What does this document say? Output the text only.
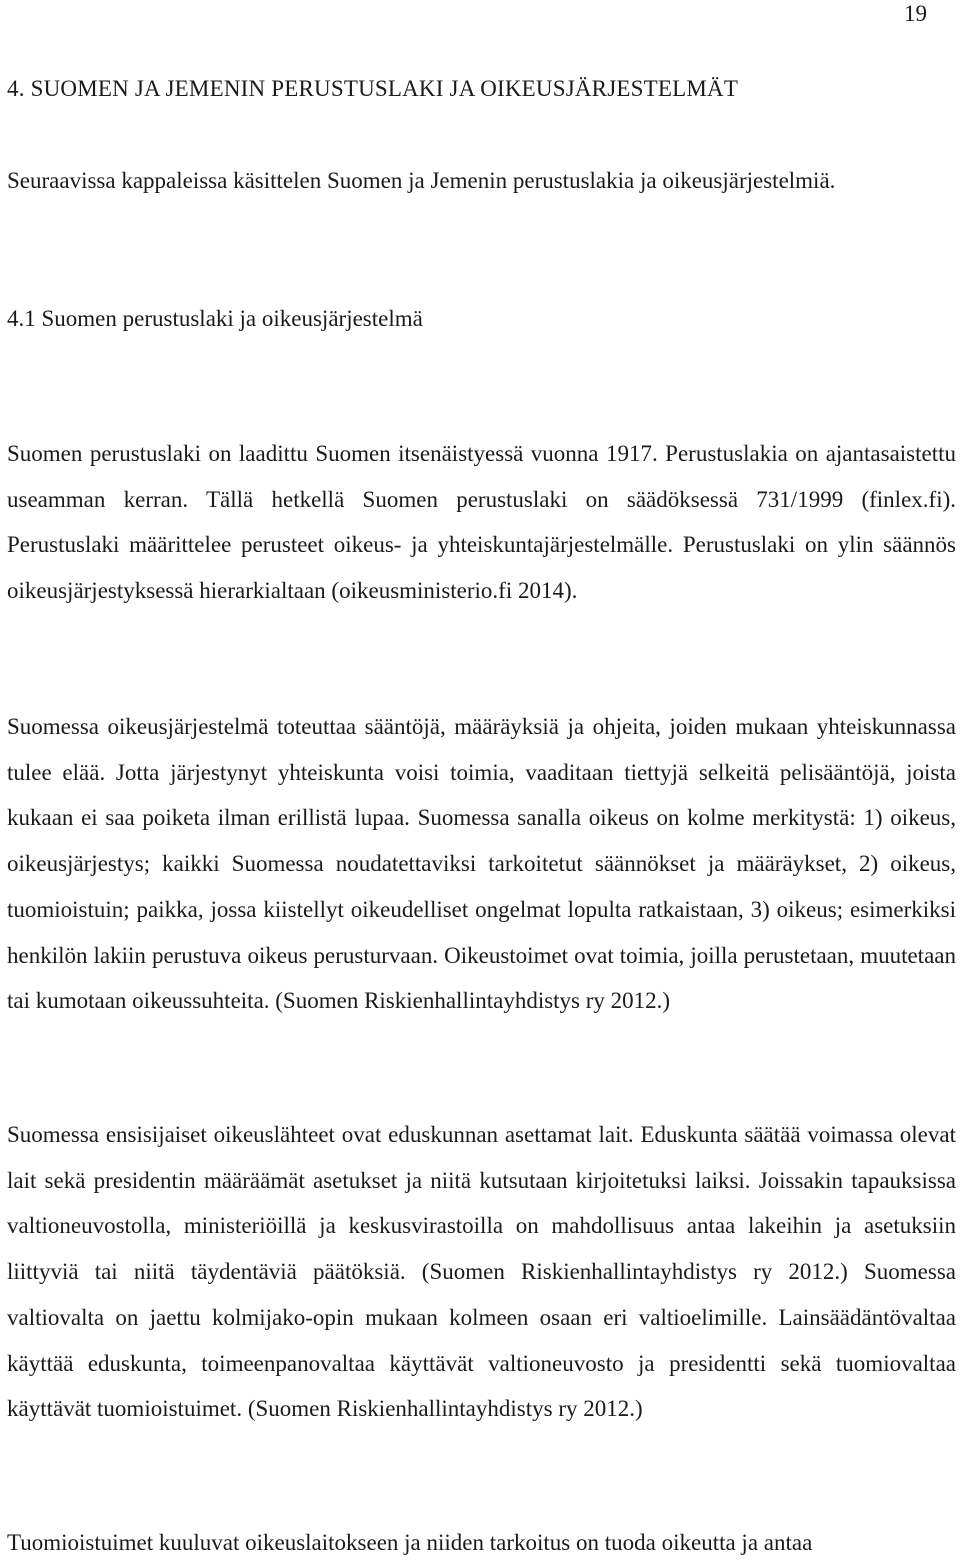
19
4. SUOMEN JA JEMENIN PERUSTUSLAKI JA OIKEUSJÄRJESTELMÄT

Seuraavissa kappaleissa käsittelen Suomen ja Jemenin perustuslakia ja oikeusjärjestelmiä.

4.1 Suomen perustuslaki ja oikeusjärjestelmä

Suomen perustuslaki on laadittu Suomen itsenäistyessä vuonna 1917. Perustuslakia on ajantasaistettu useamman kerran. Tällä hetkellä Suomen perustuslaki on säädöksessä 731/1999 (finlex.fi). Perustuslaki määrittelee perusteet oikeus- ja yhteiskuntajärjestelmälle. Perustuslaki on ylin säännös oikeusjärjestyksessä hierarkialtaan (oikeusministerio.fi 2014).

Suomessa oikeusjärjestelmä toteuttaa sääntöjä, määräyksiä ja ohjeita, joiden mukaan yhteiskunnassa tulee elää. Jotta järjestynyt yhteiskunta voisi toimia, vaaditaan tiettyjä selkeitä pelisääntöjä, joista kukaan ei saa poiketa ilman erillistä lupaa. Suomessa sanalla oikeus on kolme merkitystä: 1) oikeus, oikeusjärjestys; kaikki Suomessa noudatettaviksi tarkoitetut säännökset ja määräykset, 2) oikeus, tuomioistuin; paikka, jossa kiistellyt oikeudelliset ongelmat lopulta ratkaistaan, 3) oikeus; esimerkiksi henkilön lakiin perustuva oikeus perusturvaan. Oikeustoimet ovat toimia, joilla perustetaan, muutetaan tai kumotaan oikeussuhteita. (Suomen Riskienhallintayhdistys ry 2012.)

Suomessa ensisijaiset oikeuslähteet ovat eduskunnan asettamat lait. Eduskunta säätää voimassa olevat lait sekä presidentin määräämät asetukset ja niitä kutsutaan kirjoitetuksi laiksi. Joissakin tapauksissa valtioneuvostolla, ministeriöillä ja keskusvirastoilla on mahdollisuus antaa lakeihin ja asetuksiin liittyviä tai niitä täydentäviä päätöksiä. (Suomen Riskienhallintayhdistys ry 2012.) Suomessa valtiovalta on jaettu kolmijako-opin mukaan kolmeen osaan eri valtioelimille. Lainsäädäntövaltaa käyttää eduskunta, toimeenpanovaltaa käyttävät valtioneuvosto ja presidentti sekä tuomiovaltaa käyttävät tuomioistuimet. (Suomen Riskienhallintayhdistys ry 2012.)

Tuomioistuimet kuuluvat oikeuslaitokseen ja niiden tarkoitus on tuoda oikeutta ja antaa
